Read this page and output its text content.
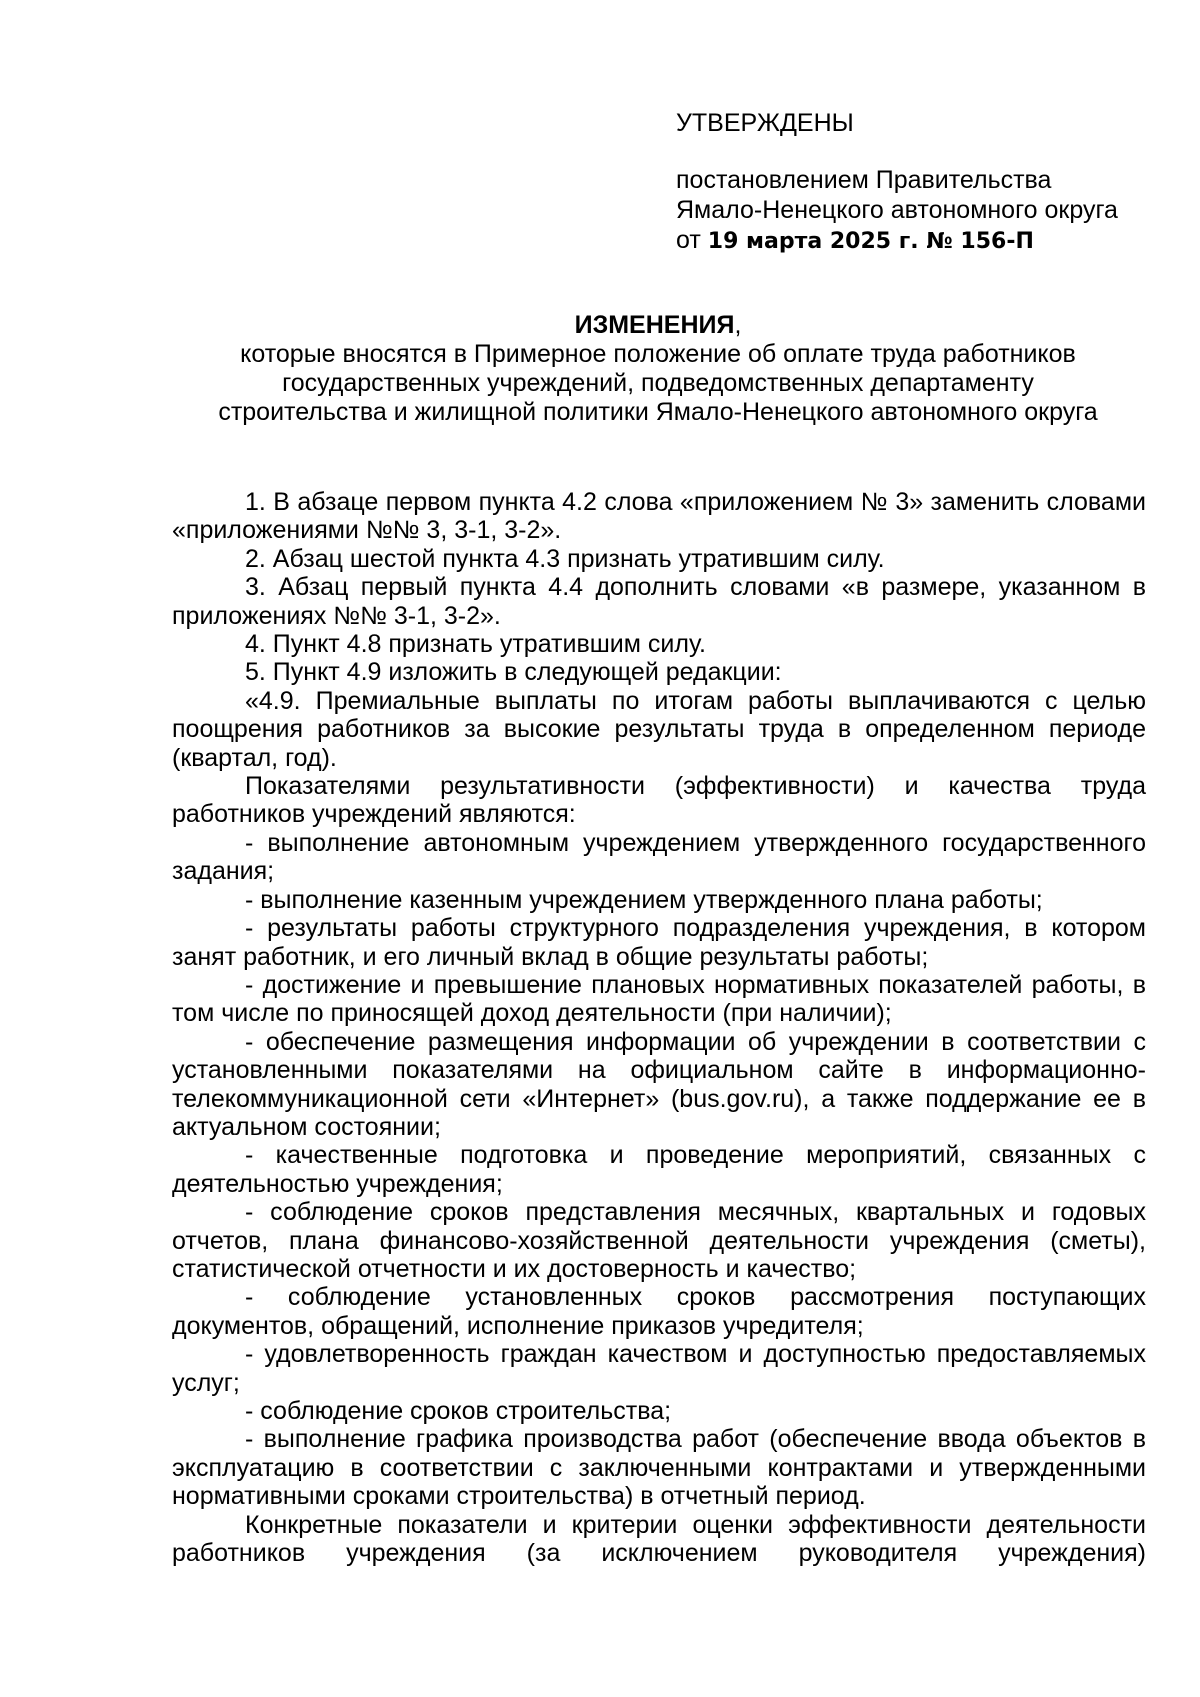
УТВЕРЖДЕНЫ
постановлением Правительства
Ямало-Ненецкого автономного округа
от 19 марта 2025 г. № 156-П
ИЗМЕНЕНИЯ,
которые вносятся в Примерное положение об оплате труда работников
государственных учреждений, подведомственных департаменту
строительства и жилищной политики Ямало-Ненецкого автономного округа

1. В абзаце первом пункта 4.2 слова «приложением № 3» заменить словами «приложениями №№ 3, 3-1, 3-2».

2. Абзац шестой пункта 4.3 признать утратившим силу.

3. Абзац первый пункта 4.4 дополнить словами «в размере, указанном в приложениях №№ 3-1, 3-2».

4. Пункт 4.8 признать утратившим силу.

5. Пункт 4.9 изложить в следующей редакции:

«4.9. Премиальные выплаты по итогам работы выплачиваются с целью поощрения работников за высокие результаты труда в определенном периоде (квартал, год).

Показателями результативности (эффективности) и качества труда работников учреждений являются:

- выполнение автономным учреждением утвержденного государственного задания;

- выполнение казенным учреждением утвержденного плана работы;

- результаты работы структурного подразделения учреждения, в котором занят работник, и его личный вклад в общие результаты работы;

- достижение и превышение плановых нормативных показателей работы, в том числе по приносящей доход деятельности (при наличии);

- обеспечение размещения информации об учреждении в соответствии с установленными показателями на официальном сайте в информационно-телекоммуникационной сети «Интернет» (bus.gov.ru), а также поддержание ее в актуальном состоянии;

- качественные подготовка и проведение мероприятий, связанных с деятельностью учреждения;

- соблюдение сроков представления месячных, квартальных и годовых отчетов, плана финансово-хозяйственной деятельности учреждения (сметы), статистической отчетности и их достоверность и качество;

- соблюдение установленных сроков рассмотрения поступающих документов, обращений, исполнение приказов учредителя;

- удовлетворенность граждан качеством и доступностью предоставляемых услуг;

- соблюдение сроков строительства;

- выполнение графика производства работ (обеспечение ввода объектов в эксплуатацию в соответствии с заключенными контрактами и утвержденными нормативными сроками строительства) в отчетный период.

Конкретные показатели и критерии оценки эффективности деятельности работников учреждения (за исключением руководителя учреждения)
